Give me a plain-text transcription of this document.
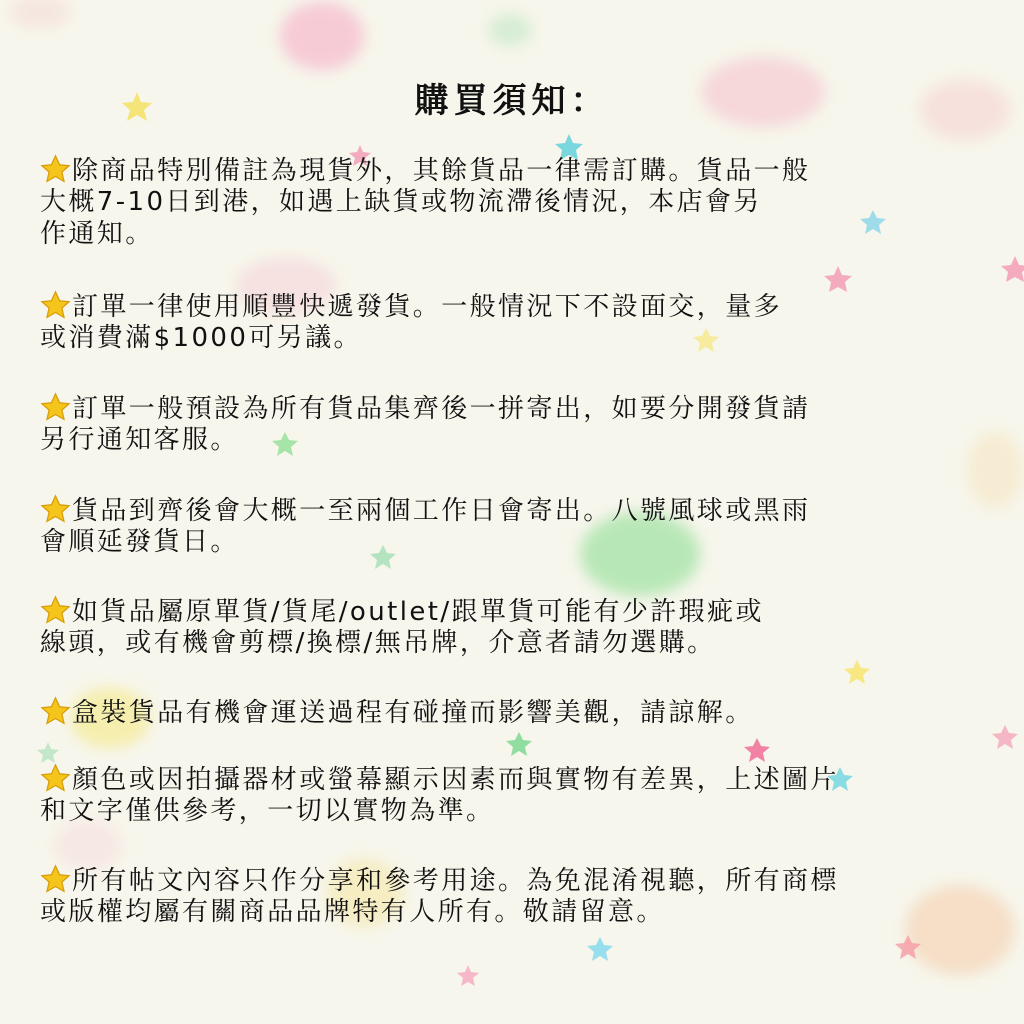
購買須知：
除商品特別備註為現貨外，其餘貨品一律需訂購。貨品一般
大概7-10日到港，如遇上缺貨或物流滯後情況，本店會另
作通知。
訂單一律使用順豐快遞發貨。一般情況下不設面交，量多
或消費滿$1000可另議。
訂單一般預設為所有貨品集齊後一拼寄出，如要分開發貨請
另行通知客服。
貨品到齊後會大概一至兩個工作日會寄出。八號風球或黑雨
會順延發貨日。
如貨品屬原單貨/貨尾/outlet/跟單貨可能有少許瑕疵或
線頭，或有機會剪標/換標/無吊牌，介意者請勿選購。
盒裝貨品有機會運送過程有碰撞而影響美觀，請諒解。
顏色或因拍攝器材或螢幕顯示因素而與實物有差異，上述圖片
和文字僅供參考，一切以實物為準。
所有帖文內容只作分享和參考用途。為免混淆視聽，所有商標
或版權均屬有關商品品牌特有人所有。敬請留意。
